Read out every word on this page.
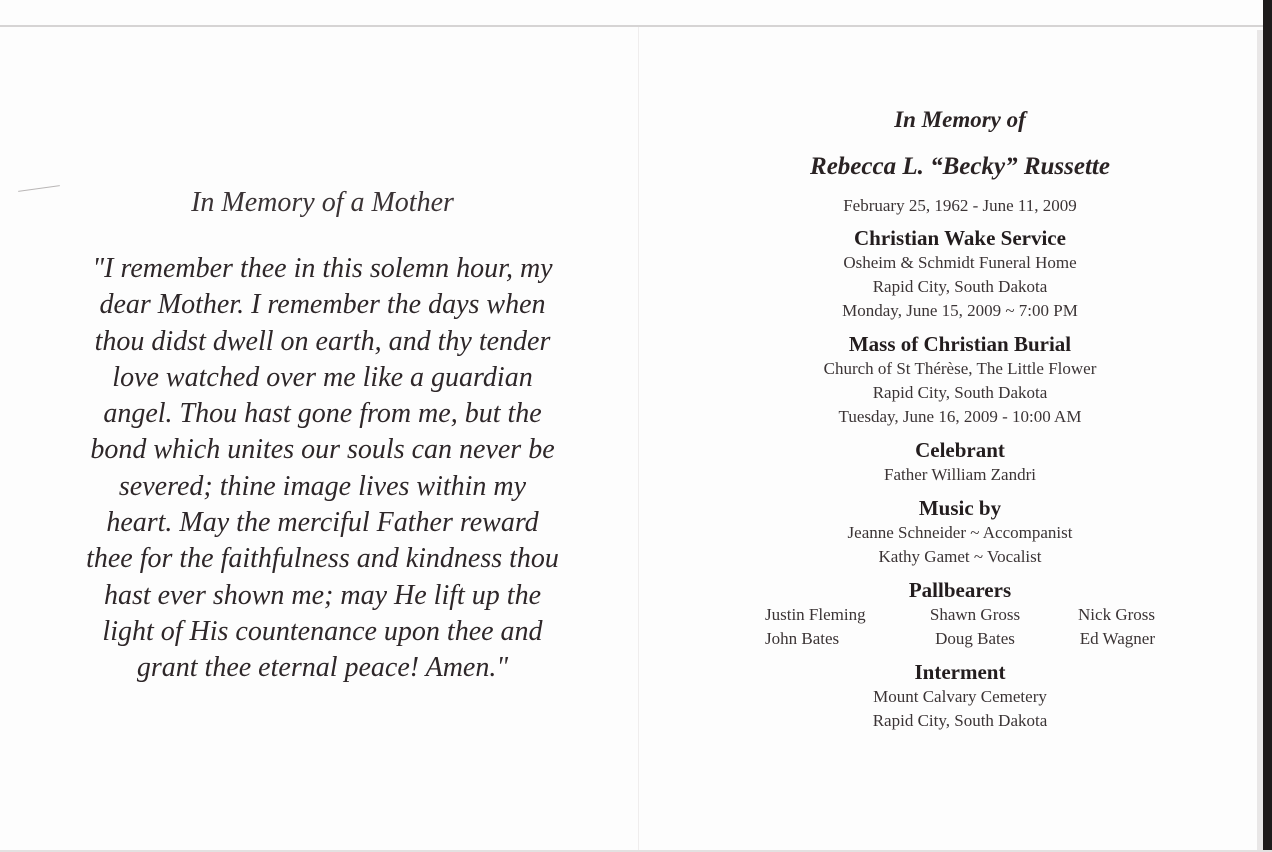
In Memory of a Mother

"I remember thee in this solemn hour, my

dear Mother. I remember the days when

thou didst dwell on earth, and thy tender

love watched over me like a guardian

angel. Thou hast gone from me, but the

bond which unites our souls can never be

severed; thine image lives within my

heart. May the merciful Father reward

thee for the faithfulness and kindness thou

hast ever shown me; may He lift up the

light of His countenance upon thee and

grant thee eternal peace! Amen."

In Memory of

Rebecca L. “Becky” Russette

February 25, 1962 - June 11, 2009

Christian Wake Service

Osheim & Schmidt Funeral Home

Rapid City, South Dakota

Monday, June 15, 2009 ~ 7:00 PM

Mass of Christian Burial

Church of St Thérèse, The Little Flower

Rapid City, South Dakota

Tuesday, June 16, 2009 - 10:00 AM

Celebrant

Father William Zandri

Music by

Jeanne Schneider ~ Accompanist

Kathy Gamet ~ Vocalist

Pallbearers

Justin Fleming	Shawn Gross	Nick Gross
John Bates	Doug Bates	Ed Wagner

Interment

Mount Calvary Cemetery

Rapid City, South Dakota
